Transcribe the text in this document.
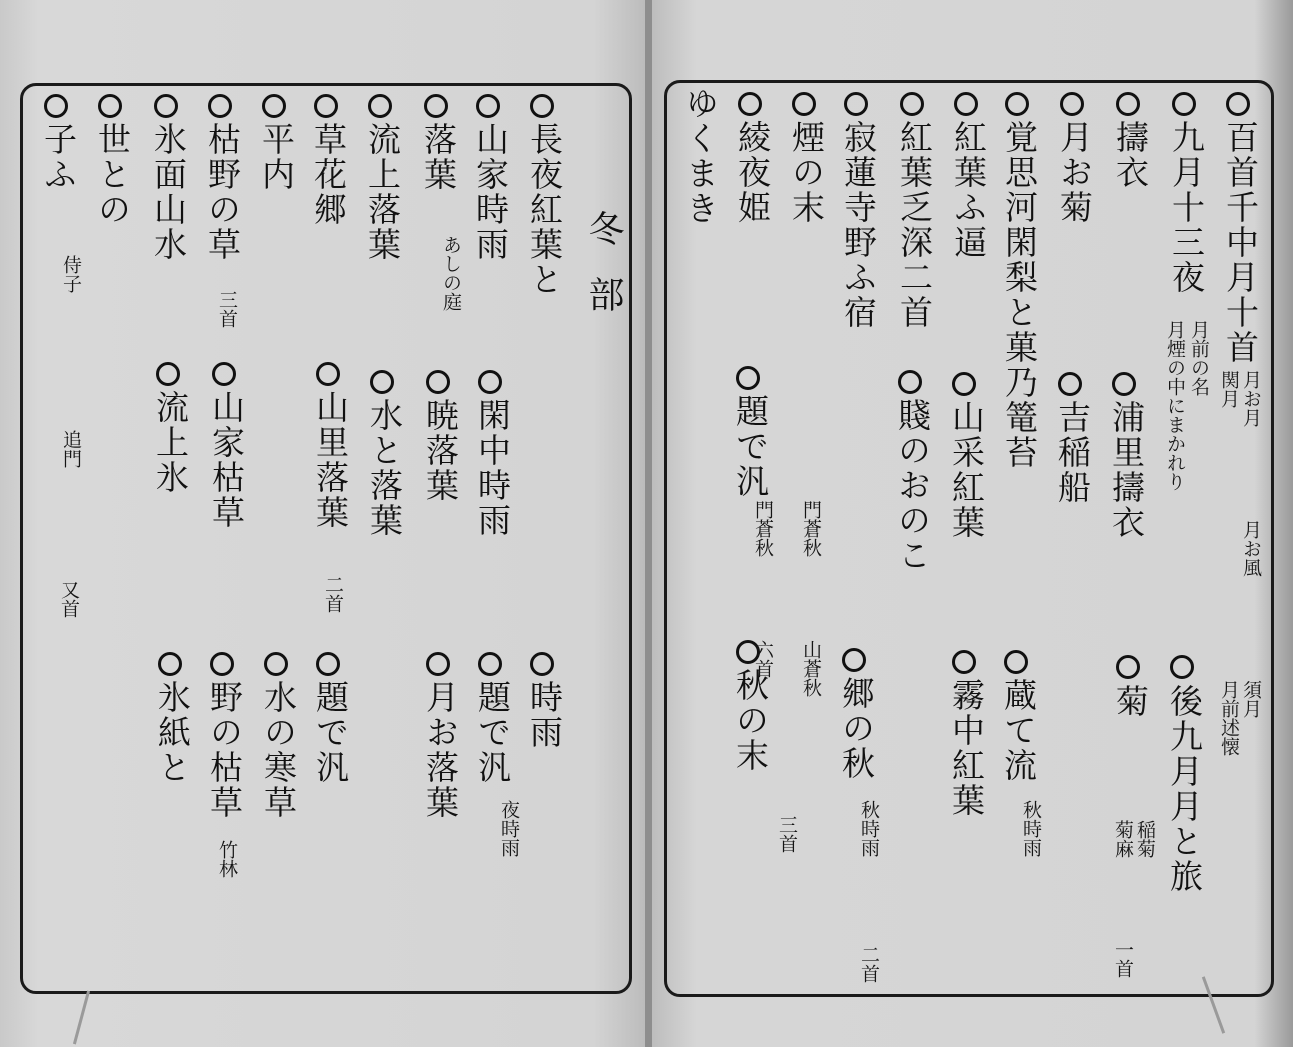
百首千中月十首
九月十三夜
擣衣
月お菊
覚思河閑梨と菓乃篭苔
紅葉ふ逼
紅葉乏深二首
寂蓮寺野ふ宿
煙の末
綾夜姫
ゆくまき
後九月月と旅
菊
浦里擣衣
吉稲船
蔵て流
山采紅葉
霧中紅葉
賤のおのこ
郷の秋
題で汎
秋の末
月お月
月お風
関月
月前述懐 須月
月前の名
月煙の中にまかれり
稲菊
菊麻
一首
秋時雨
二首
門蒼秋
山蒼秋
三首	秋時雨
門蒼秋
六首
冬部
長夜紅葉と
山家時雨
落葉
流上落葉
草花郷
平内
枯野の草
氷面山水
世との
子ふ
時雨
閑中時雨
暁落葉
水と落葉
山里落葉
題で汎
月お落葉
水の寒草
野の枯草
氷紙と	題で汎
流上氷 山家枯草
夜時雨
あしの庭
二首
三首
竹林
侍子
追門
又首
